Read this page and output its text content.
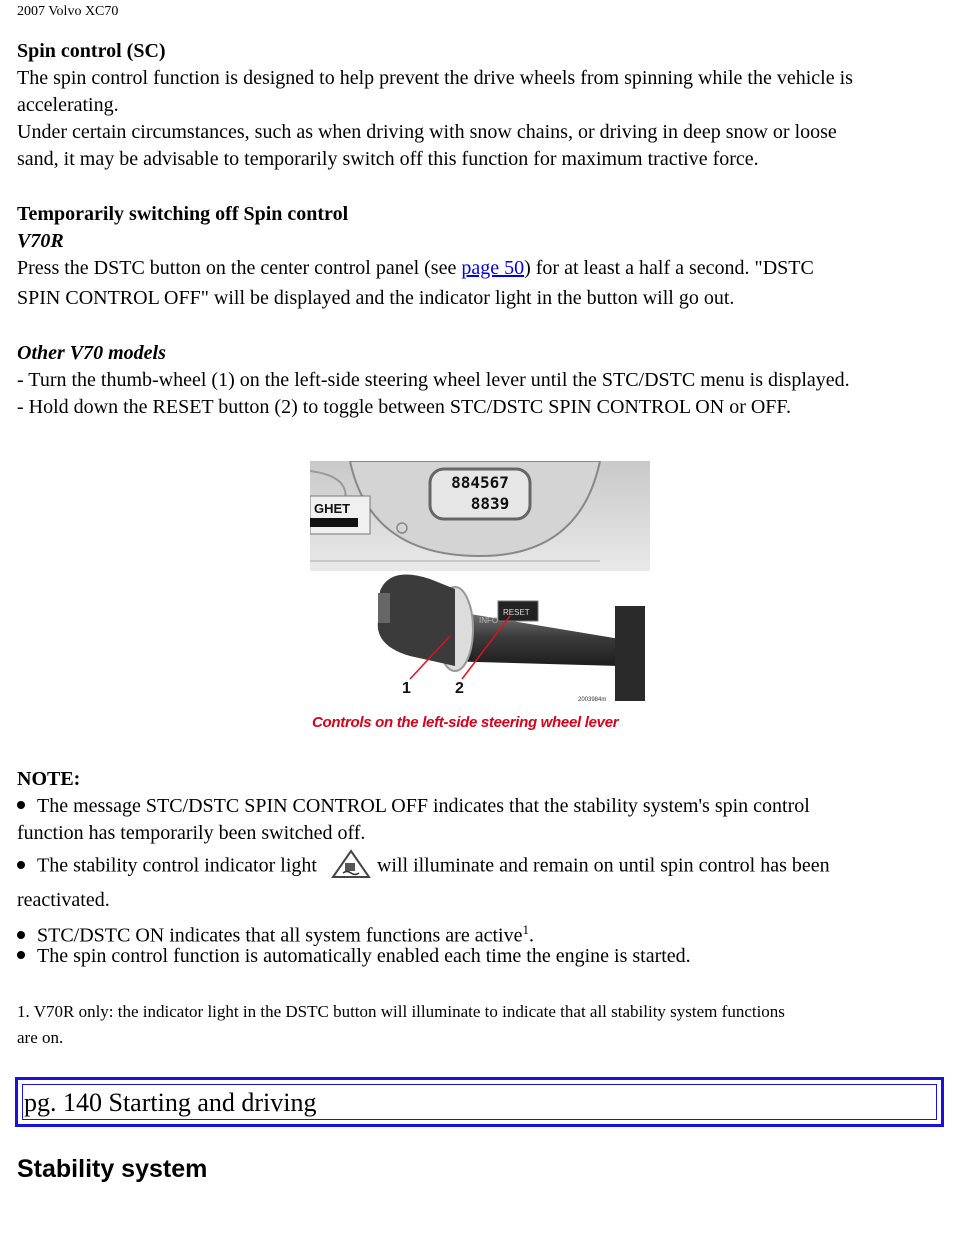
2007 Volvo XC70
Spin control (SC)
The spin control function is designed to help prevent the drive wheels from spinning while the vehicle is
accelerating.
Under certain circumstances, such as when driving with snow chains, or driving in deep snow or loose
sand, it may be advisable to temporarily switch off this function for maximum tractive force.
Temporarily switching off Spin control
V70R
Press the DSTC button on the center control panel (see page 50) for at least a half a second. "DSTC
SPIN CONTROL OFF" will be displayed and the indicator light in the button will go out.
Other V70 models
- Turn the thumb-wheel (1) on the left-side steering wheel lever until the STC/DSTC menu is displayed.
- Hold down the RESET button (2) to toggle between STC/DSTC SPIN CONTROL ON or OFF.
884567
8839
GHET
INFO
RESET
1	2
2003984m
Controls on the left-side steering wheel lever
NOTE:
The message STC/DSTC SPIN CONTROL OFF indicates that the stability system's spin control
function has temporarily been switched off.
The stability control indicator light	will illuminate and remain on until spin control has been
reactivated.
STC/DSTC ON indicates that all system functions are active$^1$.
The spin control function is automatically enabled each time the engine is started.
1. V70R only: the indicator light in the DSTC button will illuminate to indicate that all stability system functions
are on.
pg. 140 Starting and driving
Stability system
